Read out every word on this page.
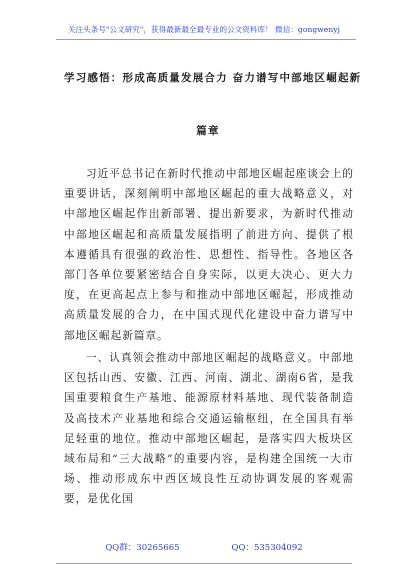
关注头条号"公文研究"，获得最新最全最专业的公文资料库！ 微信：gongwenyj
学习感悟：形成高质量发展合力 奋力谱写中部地区崛起新
篇章
习近平总书记在新时代推动中部地区崛起座谈会上的重要讲话，深刻阐明中部地区崛起的重大战略意义，对中部地区崛起作出新部署、提出新要求，为新时代推动中部地区崛起和高质量发展指明了前进方向、提供了根本遵循具有很强的政治性、思想性、指导性。各地区各部门各单位要紧密结合自身实际，以更大决心、更大力度，在更高起点上参与和推动中部地区崛起，形成推动高质量发展的合力，在中国式现代化建设中奋力谱写中部地区崛起新篇章。
一、认真领会推动中部地区崛起的战略意义。中部地区包括山西、安徽、江西、河南、湖北、湖南6省，是我国重要粮食生产基地、能源原材料基地、现代装备制造及高技术产业基地和综合交通运输枢纽，在全国具有举足轻重的地位。推动中部地区崛起，是落实四大板块区域布局和“三大战略”的重要内容，是构建全国统一大市场、推动形成东中西区域良性互动协调发展的客观需要，是优化国
QQ群：30265665	QQ：535304092
